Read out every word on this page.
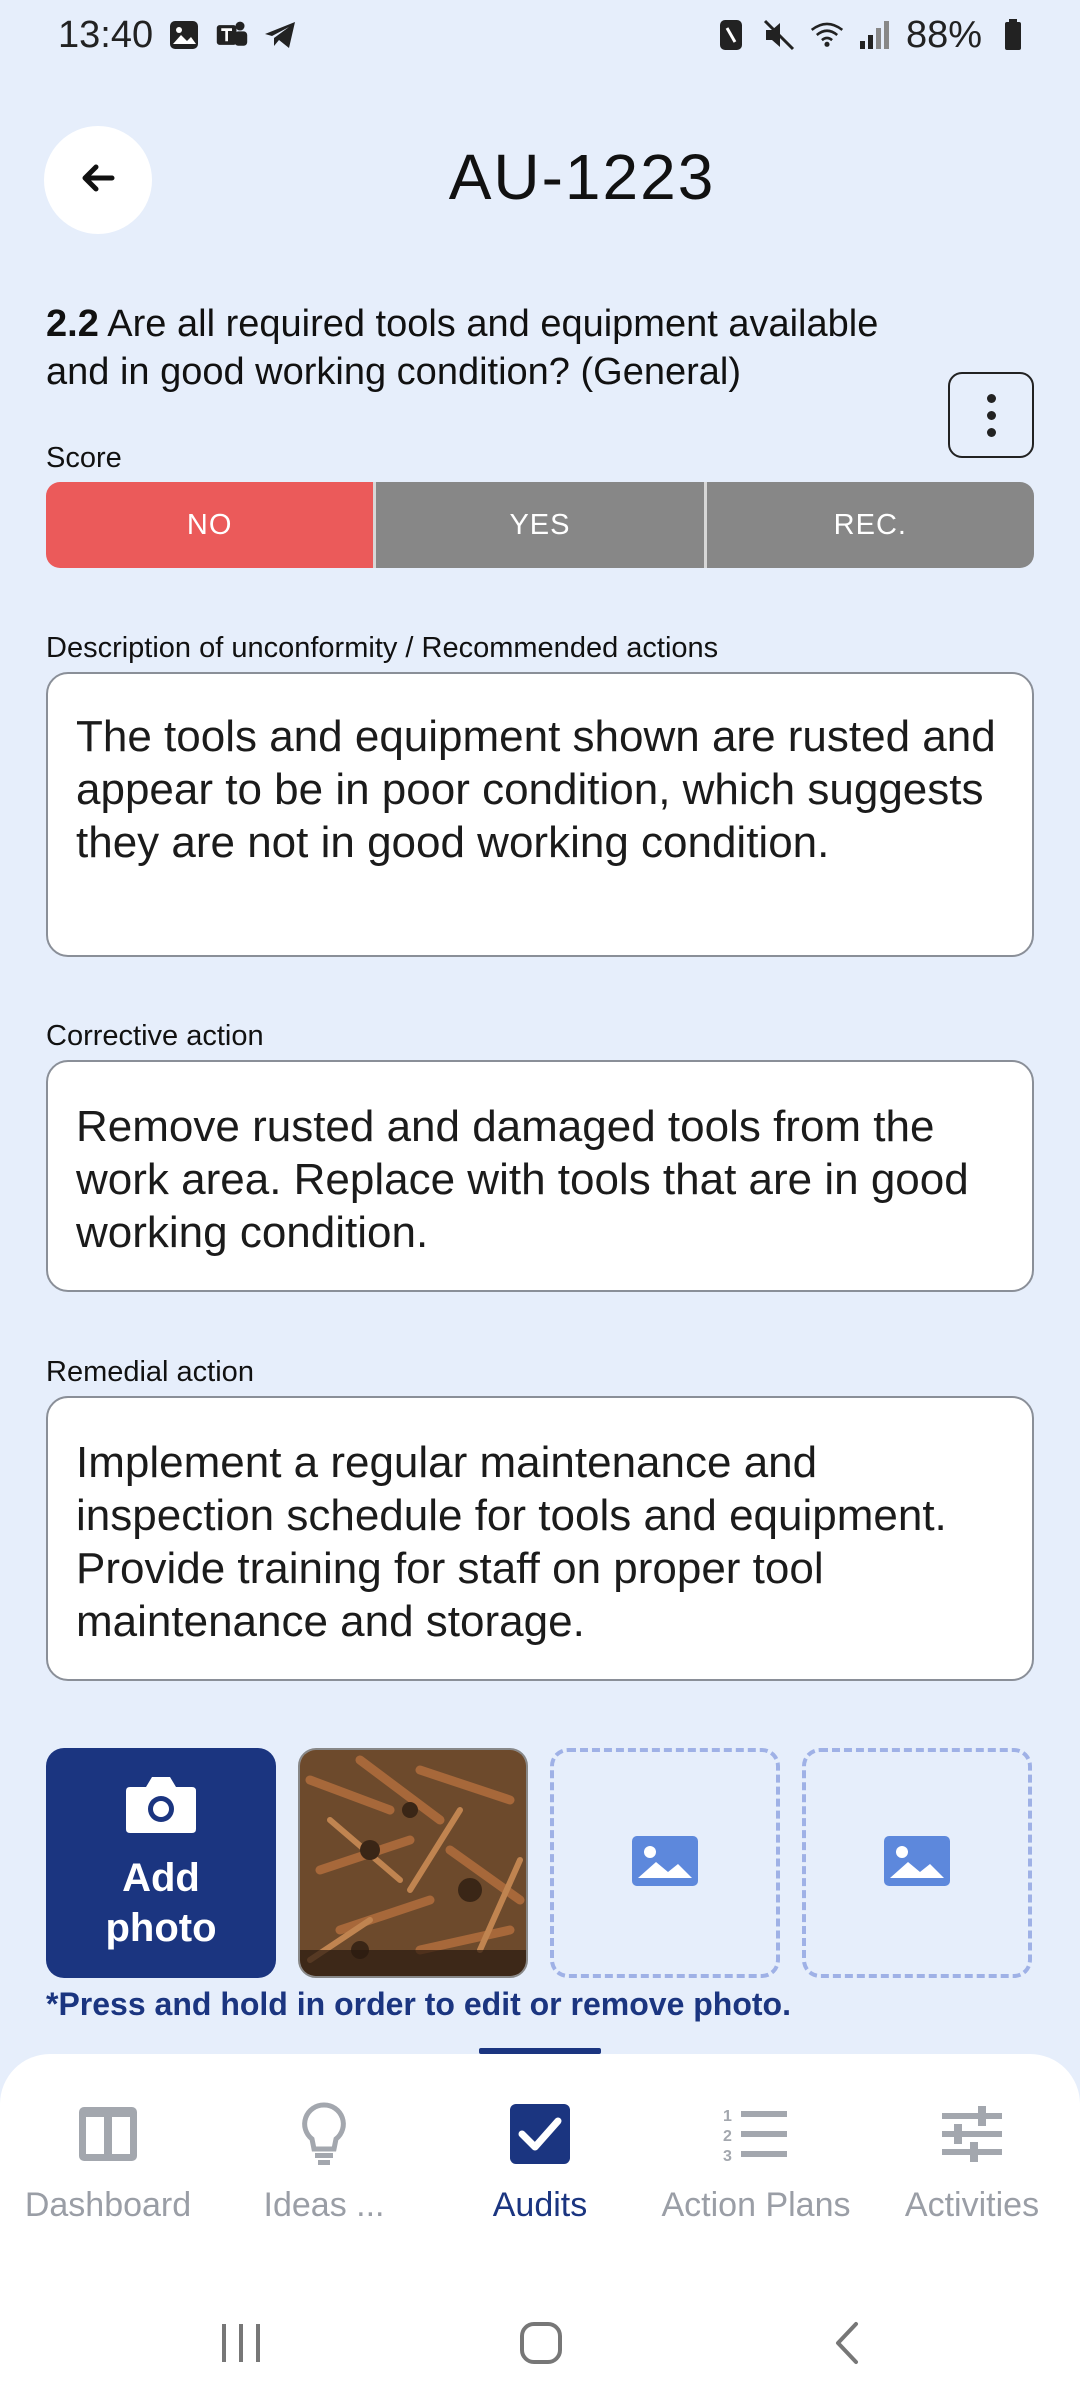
13:40	88%
AU-1223
2.2 Are all required tools and equipment available and in good working condition? (General)
Score
NO	YES	REC.
Description of unconformity / Recommended actions
The tools and equipment shown are rusted and appear to be in poor condition, which suggests they are not in good working condition.
Corrective action
Remove rusted and damaged tools from the work area. Replace with tools that are in good working condition.
Remedial action
Implement a regular maintenance and inspection schedule for tools and equipment. Provide training for staff on proper tool maintenance and storage.
Add
photo
*Press and hold in order to edit or remove photo.
Dashboard Ideas ...	Audits
1
2
3
Action Plans Activities
